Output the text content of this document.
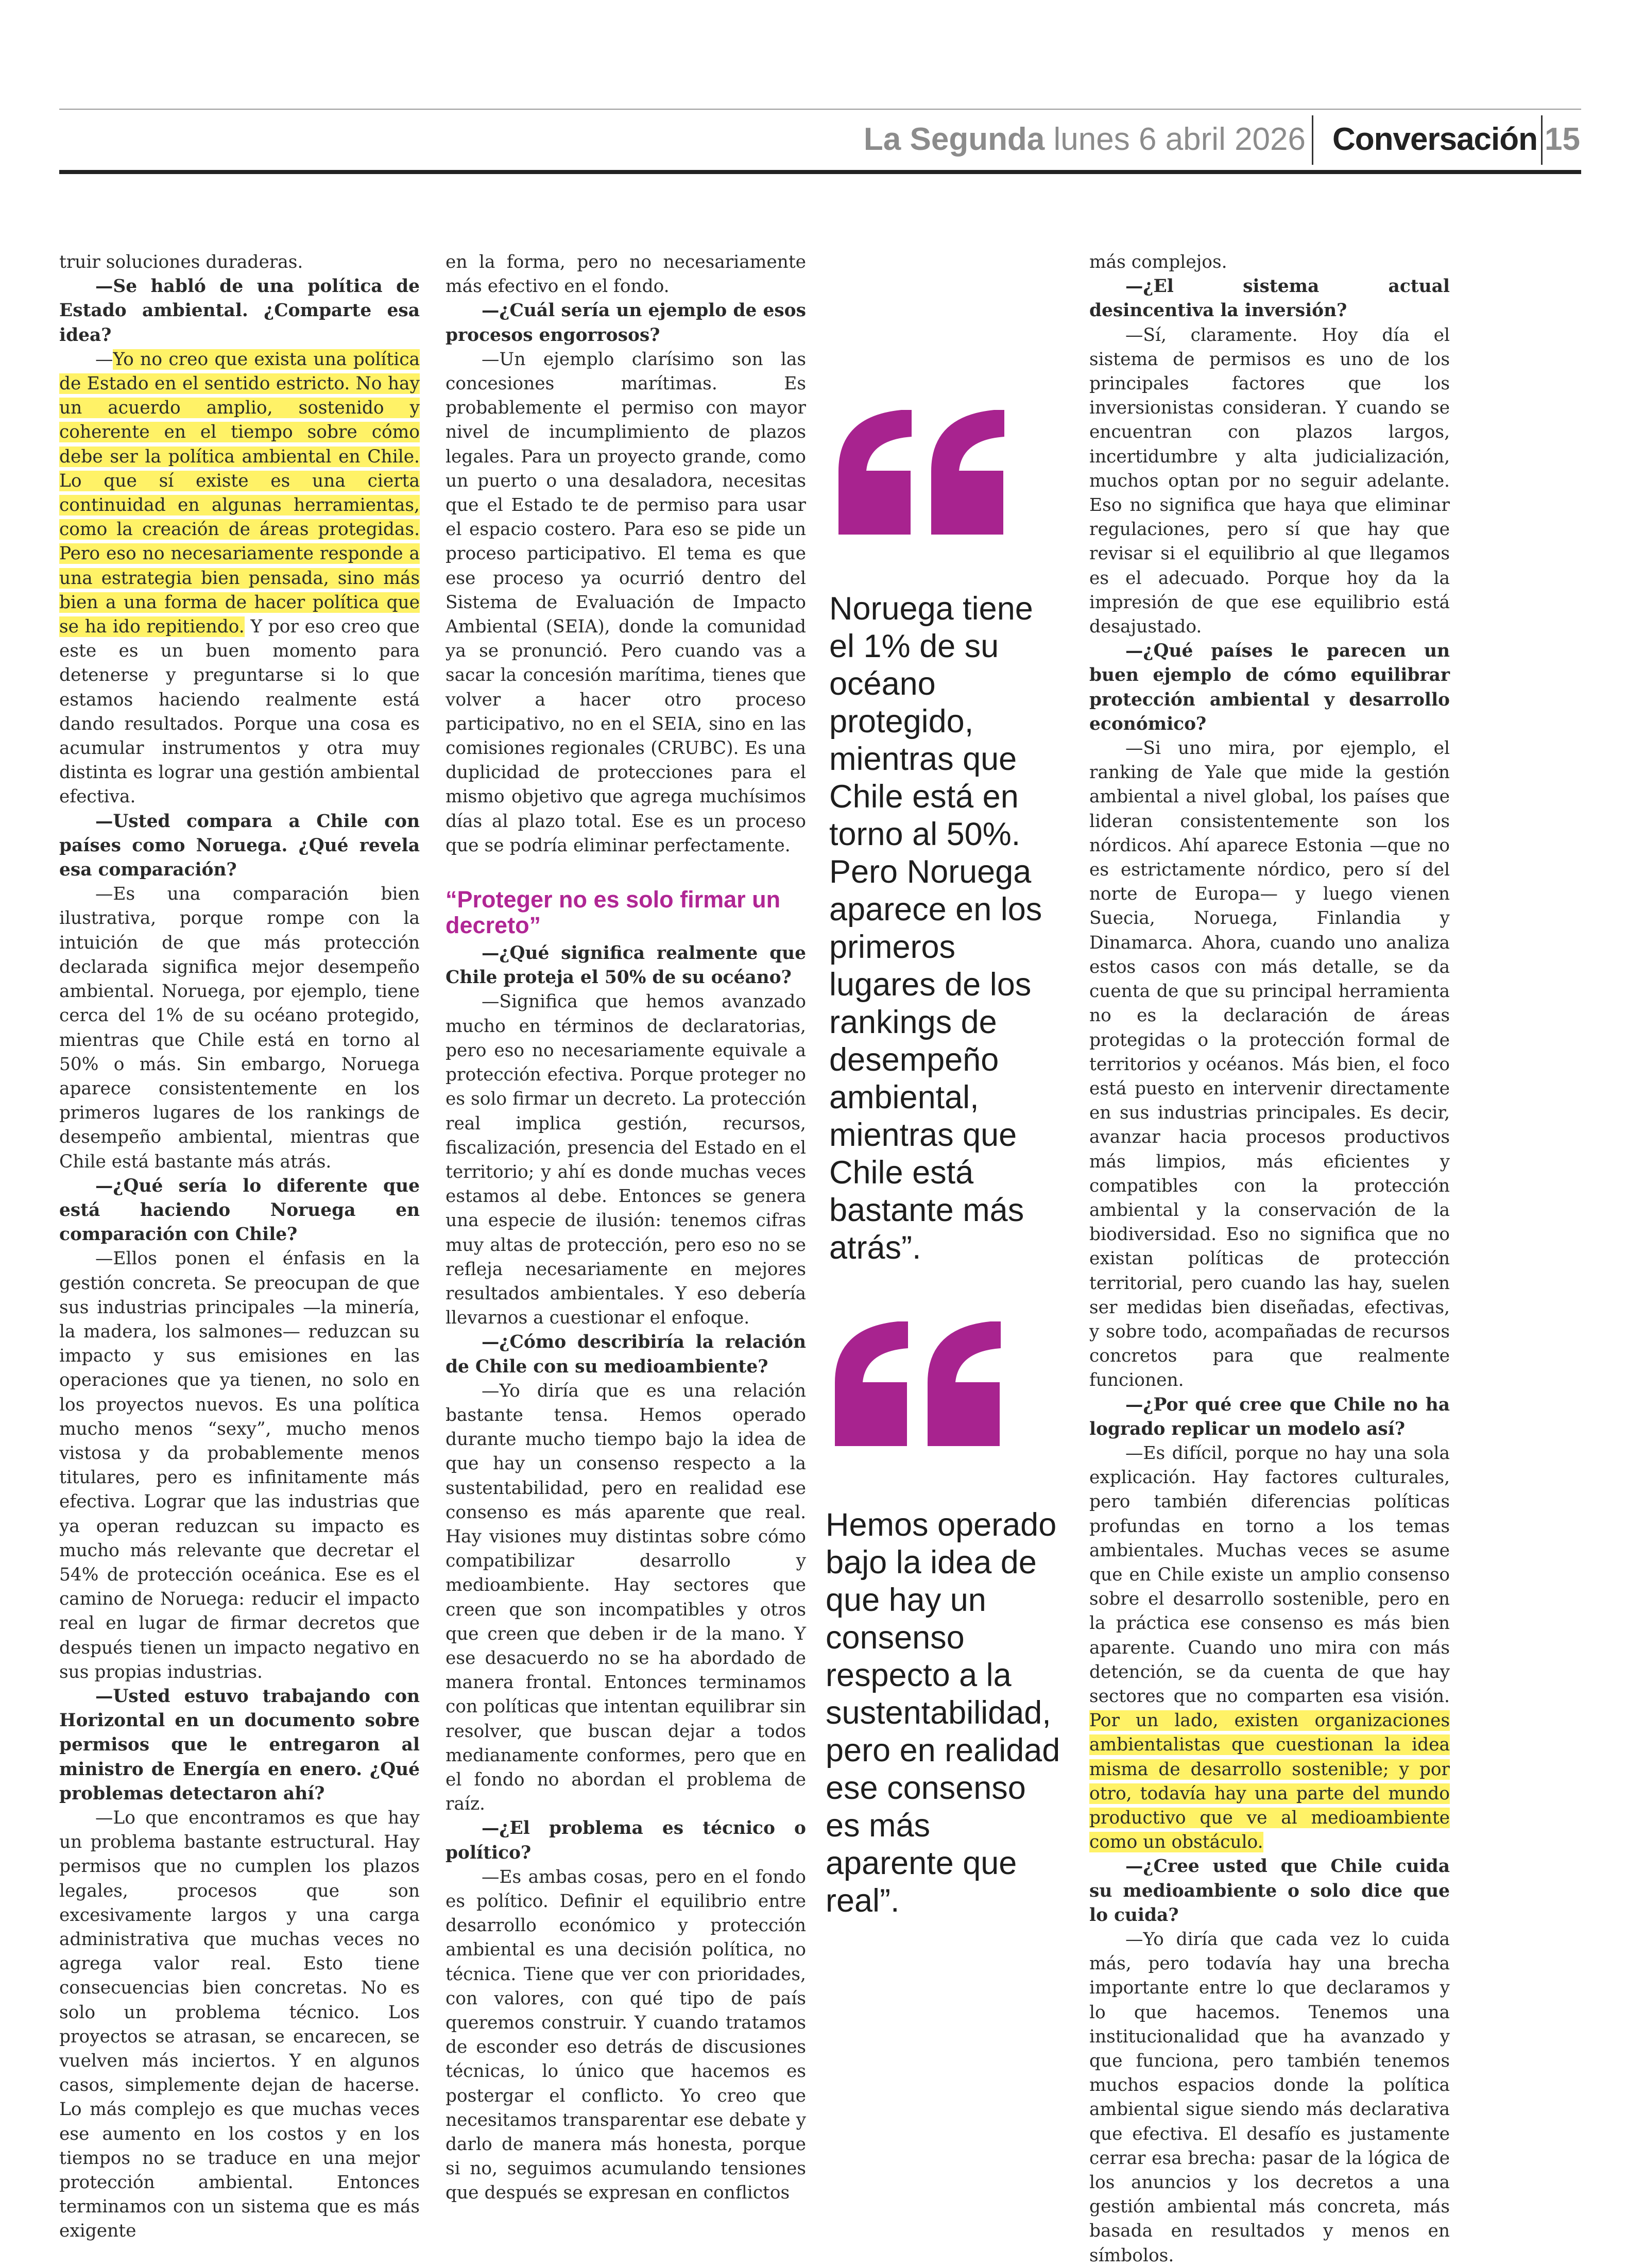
La Segunda lunes 6 abril 2026 Conversación 15

truir soluciones duraderas.

—Se habló de una política de Estado ambiental. ¿Comparte esa idea?

—Yo no creo que exista una política de Estado en el sentido estricto. No hay un acuerdo amplio, sostenido y coherente en el tiempo sobre cómo debe ser la política ambiental en Chile. Lo que sí existe es una cierta continuidad en algunas herramientas, como la creación de áreas protegidas. Pero eso no necesariamente responde a una estrategia bien pensada, sino más bien a una forma de hacer política que se ha ido repitiendo. Y por eso creo que este es un buen momento para detenerse y preguntarse si lo que estamos haciendo realmente está dando resultados. Porque una cosa es acumular instrumentos y otra muy distinta es lograr una gestión ambiental efectiva.

—Usted compara a Chile con países como Noruega. ¿Qué revela esa comparación?

—Es una comparación bien ilustrativa, porque rompe con la intuición de que más protección declarada significa mejor desempeño ambiental. Noruega, por ejemplo, tiene cerca del 1% de su océano protegido, mientras que Chile está en torno al 50% o más. Sin embargo, Noruega aparece consistentemente en los primeros lugares de los rankings de desempeño ambiental, mientras que Chile está bastante más atrás.

—¿Qué sería lo diferente que está haciendo Noruega en comparación con Chile?

—Ellos ponen el énfasis en la gestión concreta. Se preocupan de que sus industrias principales —la minería, la madera, los salmones— reduzcan su impacto y sus emisiones en las operaciones que ya tienen, no solo en los proyectos nuevos. Es una política mucho menos “sexy”, mucho menos vistosa y da probablemente menos titulares, pero es infinitamente más efectiva. Lograr que las industrias que ya operan reduzcan su impacto es mucho más relevante que decretar el 54% de protección oceánica. Ese es el camino de Noruega: reducir el impacto real en lugar de firmar decretos que después tienen un impacto negativo en sus propias industrias.

—Usted estuvo trabajando con Horizontal en un documento sobre permisos que le entregaron al ministro de Energía en enero. ¿Qué problemas detectaron ahí?

—Lo que encontramos es que hay un problema bastante estructural. Hay permisos que no cumplen los plazos legales, procesos que son excesivamente largos y una carga administrativa que muchas veces no agrega valor real. Esto tiene consecuencias bien concretas. No es solo un problema técnico. Los proyectos se atrasan, se encarecen, se vuelven más inciertos. Y en algunos casos, simplemente dejan de hacerse. Lo más complejo es que muchas veces ese aumento en los costos y en los tiempos no se traduce en una mejor protección ambiental. Entonces terminamos con un sistema que es más exigente

en la forma, pero no necesariamente más efectivo en el fondo.

—¿Cuál sería un ejemplo de esos procesos engorrosos?

—Un ejemplo clarísimo son las concesiones marítimas. Es probablemente el permiso con mayor nivel de incumplimiento de plazos legales. Para un proyecto grande, como un puerto o una desaladora, necesitas que el Estado te de permiso para usar el espacio costero. Para eso se pide un proceso participativo. El tema es que ese proceso ya ocurrió dentro del Sistema de Evaluación de Impacto Ambiental (SEIA), donde la comunidad ya se pronunció. Pero cuando vas a sacar la concesión marítima, tienes que volver a hacer otro proceso participativo, no en el SEIA, sino en las comisiones regionales (CRUBC). Es una duplicidad de protecciones para el mismo objetivo que agrega muchísimos días al plazo total. Ese es un proceso que se podría eliminar perfectamente.

“Proteger no es solo firmar un decreto”

—¿Qué significa realmente que Chile proteja el 50% de su océano?

—Significa que hemos avanzado mucho en términos de declaratorias, pero eso no necesariamente equivale a protección efectiva. Porque proteger no es solo firmar un decreto. La protección real implica gestión, recursos, fiscalización, presencia del Estado en el territorio; y ahí es donde muchas veces estamos al debe. Entonces se genera una especie de ilusión: tenemos cifras muy altas de protección, pero eso no se refleja necesariamente en mejores resultados ambientales. Y eso debería llevarnos a cuestionar el enfoque.

—¿Cómo describiría la relación de Chile con su medioambiente?

—Yo diría que es una relación bastante tensa. Hemos operado durante mucho tiempo bajo la idea de que hay un consenso respecto a la sustentabilidad, pero en realidad ese consenso es más aparente que real. Hay visiones muy distintas sobre cómo compatibilizar desarrollo y medioambiente. Hay sectores que creen que son incompatibles y otros que creen que deben ir de la mano. Y ese desacuerdo no se ha abordado de manera frontal. Entonces terminamos con políticas que intentan equilibrar sin resolver, que buscan dejar a todos medianamente conformes, pero que en el fondo no abordan el problema de raíz.

—¿El problema es técnico o político?

—Es ambas cosas, pero en el fondo es político. Definir el equilibrio entre desarrollo económico y protección ambiental es una decisión política, no técnica. Tiene que ver con prioridades, con valores, con qué tipo de país queremos construir. Y cuando tratamos de esconder eso detrás de discusiones técnicas, lo único que hacemos es postergar el conflicto. Yo creo que necesitamos transparentar ese debate y darlo de manera más honesta, porque si no, seguimos acumulando tensiones que después se expresan en conflictos

más complejos.

—¿El sistema actual desincentiva la inversión?

—Sí, claramente. Hoy día el sistema de permisos es uno de los principales factores que los inversionistas consideran. Y cuando se encuentran con plazos largos, incertidumbre y alta judicialización, muchos optan por no seguir adelante. Eso no significa que haya que eliminar regulaciones, pero sí que hay que revisar si el equilibrio al que llegamos es el adecuado. Porque hoy da la impresión de que ese equilibrio está desajustado.

—¿Qué países le parecen un buen ejemplo de cómo equilibrar protección ambiental y desarrollo económico?

—Si uno mira, por ejemplo, el ranking de Yale que mide la gestión ambiental a nivel global, los países que lideran consistentemente son los nórdicos. Ahí aparece Estonia —que no es estrictamente nórdico, pero sí del norte de Europa— y luego vienen Suecia, Noruega, Finlandia y Dinamarca. Ahora, cuando uno analiza estos casos con más detalle, se da cuenta de que su principal herramienta no es la declaración de áreas protegidas o la protección formal de territorios y océanos. Más bien, el foco está puesto en intervenir directamente en sus industrias principales. Es decir, avanzar hacia procesos productivos más limpios, más eficientes y compatibles con la protección ambiental y la conservación de la biodiversidad. Eso no significa que no existan políticas de protección territorial, pero cuando las hay, suelen ser medidas bien diseñadas, efectivas, y sobre todo, acompañadas de recursos concretos para que realmente funcionen.

—¿Por qué cree que Chile no ha logrado replicar un modelo así?

—Es difícil, porque no hay una sola explicación. Hay factores culturales, pero también diferencias políticas profundas en torno a los temas ambientales. Muchas veces se asume que en Chile existe un amplio consenso sobre el desarrollo sostenible, pero en la práctica ese consenso es más bien aparente. Cuando uno mira con más detención, se da cuenta de que hay sectores que no comparten esa visión. Por un lado, existen organizaciones ambientalistas que cuestionan la idea misma de desarrollo sostenible; y por otro, todavía hay una parte del mundo productivo que ve al medioambiente como un obstáculo.

—¿Cree usted que Chile cuida su medioambiente o solo dice que lo cuida?

—Yo diría que cada vez lo cuida más, pero todavía hay una brecha importante entre lo que declaramos y lo que hacemos. Tenemos una institucionalidad que ha avanzado y que funciona, pero también tenemos muchos espacios donde la política ambiental sigue siendo más declarativa que efectiva. El desafío es justamente cerrar esa brecha: pasar de la lógica de los anuncios y los decretos a una gestión ambiental más concreta, más basada en resultados y menos en símbolos.

Noruega tiene el 1% de su océano protegido, mientras que Chile está en torno al 50%. Pero Noruega aparece en los primeros lugares de los rankings de desempeño ambiental, mientras que Chile está bastante más atrás”.
Hemos operado bajo la idea de que hay un consenso respecto a la sustentabilidad, pero en realidad ese consenso es más aparente que real”.
